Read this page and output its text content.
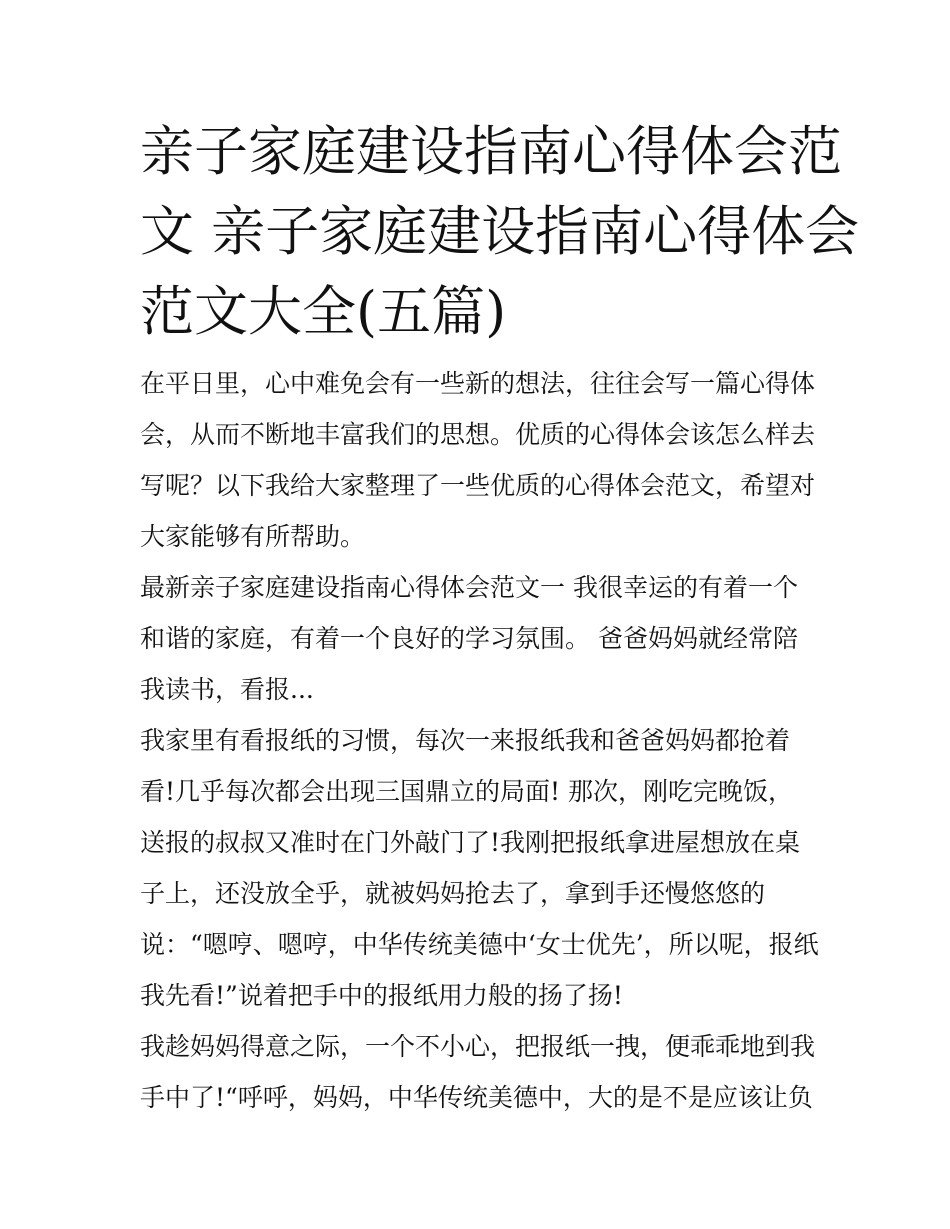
亲子家庭建设指南心得体会范
文 亲子家庭建设指南心得体会
范文大全(五篇)
在平日里，心中难免会有一些新的想法，往往会写一篇心得体
会，从而不断地丰富我们的思想。优质的心得体会该怎么样去
写呢？以下我给大家整理了一些优质的心得体会范文，希望对
大家能够有所帮助。
最新亲子家庭建设指南心得体会范文一 我很幸运的有着一个
和谐的家庭，有着一个良好的学习氛围。 爸爸妈妈就经常陪
我读书，看报...
我家里有看报纸的习惯，每次一来报纸我和爸爸妈妈都抢着
看!几乎每次都会出现三国鼎立的局面! 那次，刚吃完晚饭，
送报的叔叔又准时在门外敲门了!我刚把报纸拿进屋想放在桌
子上，还没放全乎，就被妈妈抢去了，拿到手还慢悠悠的
说：“嗯哼、嗯哼，中华传统美德中‘女士优先’，所以呢，报纸
我先看!”说着把手中的报纸用力般的扬了扬!
我趁妈妈得意之际，一个不小心，把报纸一拽，便乖乖地到我
手中了!“呼呼，妈妈，中华传统美德中，大的是不是应该让负
